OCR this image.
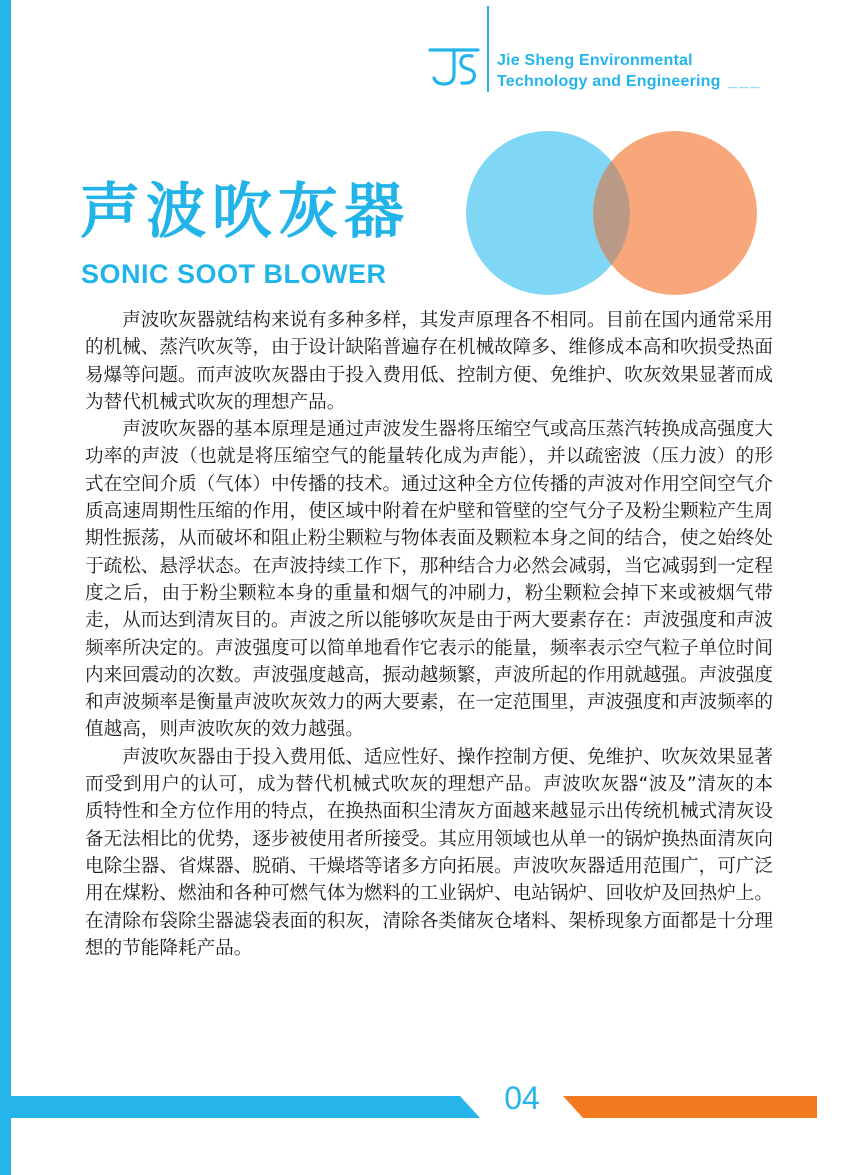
Jie Sheng Environmental
Technology and Engineering ___
声波吹灰器
SONIC SOOT BLOWER

声波吹灰器就结构来说有多种多样，其发声原理各不相同。目前在国内通常采用的机械、蒸汽吹灰等，由于设计缺陷普遍存在机械故障多、维修成本高和吹损受热面易爆等问题。而声波吹灰器由于投入费用低、控制方便、免维护、吹灰效果显著而成为替代机械式吹灰的理想产品。

声波吹灰器的基本原理是通过声波发生器将压缩空气或高压蒸汽转换成高强度大功率的声波（也就是将压缩空气的能量转化成为声能），并以疏密波（压力波）的形式在空间介质（气体）中传播的技术。通过这种全方位传播的声波对作用空间空气介质高速周期性压缩的作用，使区域中附着在炉壁和管壁的空气分子及粉尘颗粒产生周期性振荡，从而破坏和阻止粉尘颗粒与物体表面及颗粒本身之间的结合，使之始终处于疏松、悬浮状态。在声波持续工作下，那种结合力必然会减弱，当它减弱到一定程度之后，由于粉尘颗粒本身的重量和烟气的冲刷力，粉尘颗粒会掉下来或被烟气带走，从而达到清灰目的。声波之所以能够吹灰是由于两大要素存在：声波强度和声波频率所决定的。声波强度可以简单地看作它表示的能量，频率表示空气粒子单位时间内来回震动的次数。声波强度越高，振动越频繁，声波所起的作用就越强。声波强度和声波频率是衡量声波吹灰效力的两大要素，在一定范围里，声波强度和声波频率的值越高，则声波吹灰的效力越强。

声波吹灰器由于投入费用低、适应性好、操作控制方便、免维护、吹灰效果显著而受到用户的认可，成为替代机械式吹灰的理想产品。声波吹灰器“波及”清灰的本质特性和全方位作用的特点，在换热面积尘清灰方面越来越显示出传统机械式清灰设备无法相比的优势，逐步被使用者所接受。其应用领域也从单一的锅炉换热面清灰向电除尘器、省煤器、脱硝、干燥塔等诸多方向拓展。声波吹灰器适用范围广，可广泛用在煤粉、燃油和各种可燃气体为燃料的工业锅炉、电站锅炉、回收炉及回热炉上。在清除布袋除尘器滤袋表面的积灰，清除各类储灰仓堵料、架桥现象方面都是十分理想的节能降耗产品。

04
